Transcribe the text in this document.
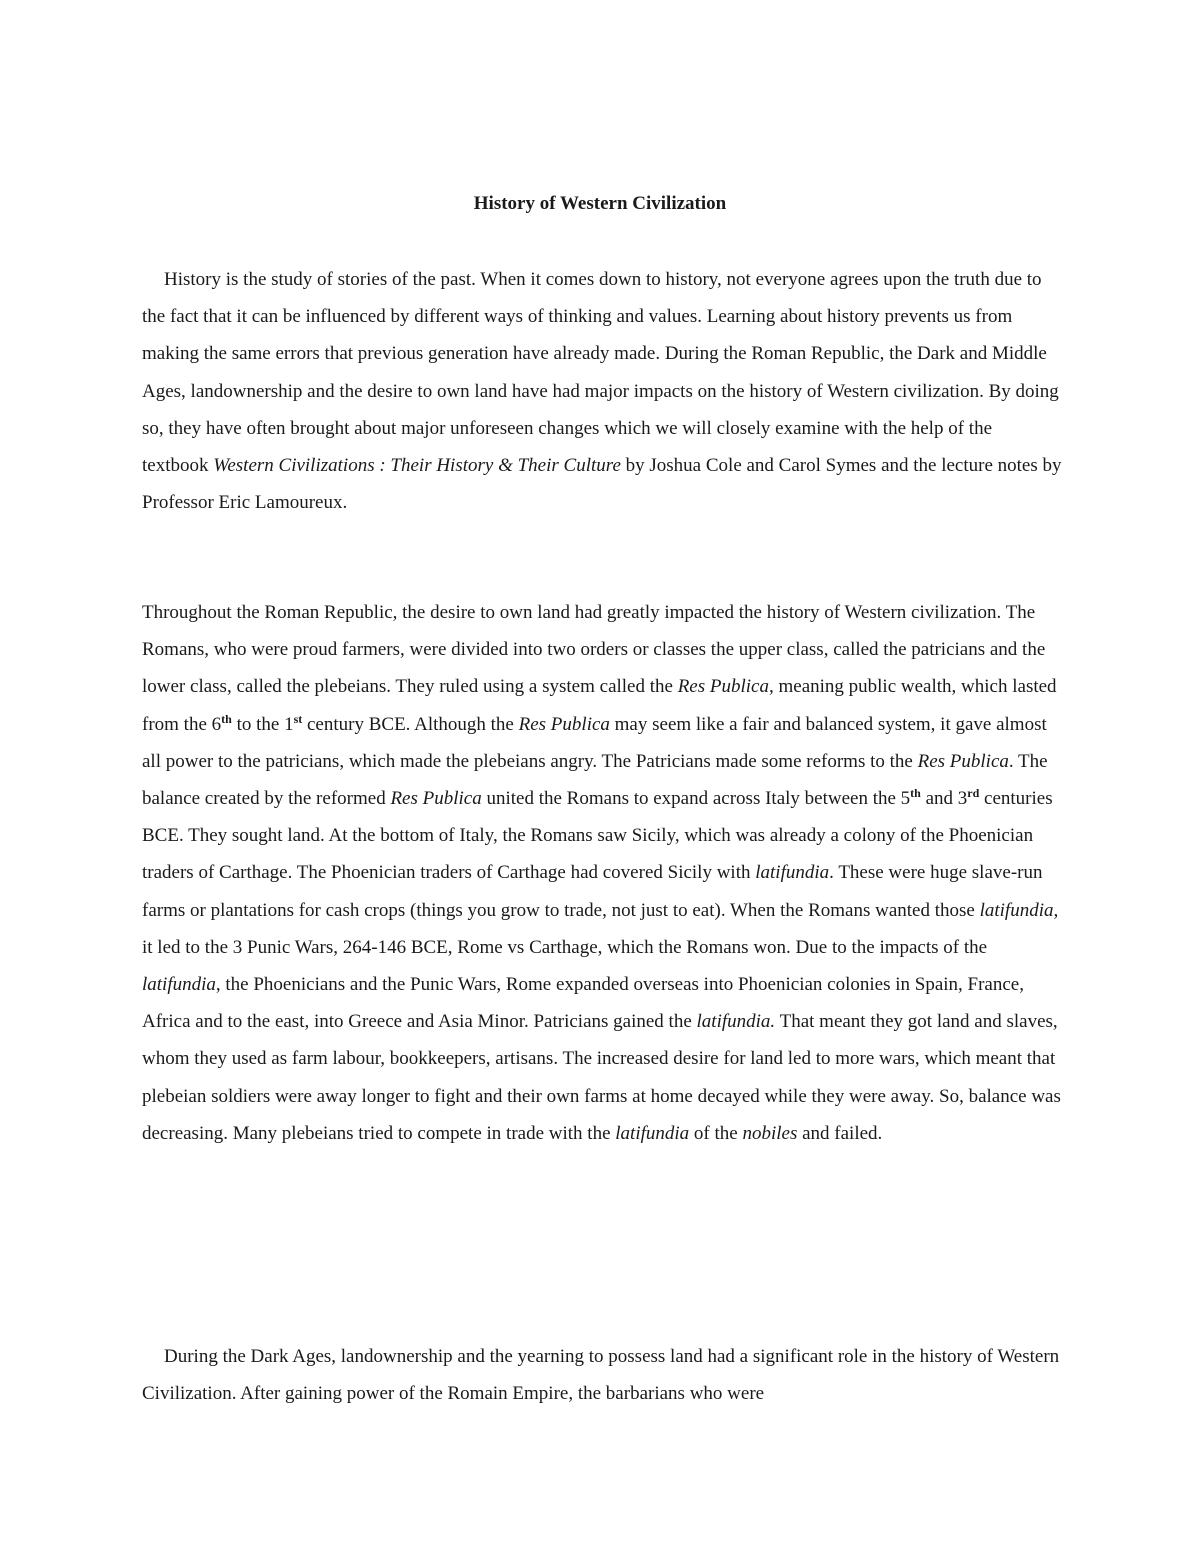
History of Western Civilization

History is the study of stories of the past. When it comes down to history, not everyone agrees upon the truth due to the fact that it can be influenced by different ways of thinking and values. Learning about history prevents us from making the same errors that previous generation have already made. During the Roman Republic, the Dark and Middle Ages, landownership and the desire to own land have had major impacts on the history of Western civilization. By doing so, they have often brought about major unforeseen changes which we will closely examine with the help of the textbook Western Civilizations : Their History & Their Culture by Joshua Cole and Carol Symes and the lecture notes by Professor Eric Lamoureux.

Throughout the Roman Republic, the desire to own land had greatly impacted the history of Western civilization. The Romans, who were proud farmers, were divided into two orders or classes the upper class, called the patricians and the lower class, called the plebeians. They ruled using a system called the Res Publica, meaning public wealth, which lasted from the 6th to the 1st century BCE. Although the Res Publica may seem like a fair and balanced system, it gave almost all power to the patricians, which made the plebeians angry. The Patricians made some reforms to the Res Publica. The balance created by the reformed Res Publica united the Romans to expand across Italy between the 5th and 3rd centuries BCE. They sought land. At the bottom of Italy, the Romans saw Sicily, which was already a colony of the Phoenician traders of Carthage. The Phoenician traders of Carthage had covered Sicily with latifundia. These were huge slave-run farms or plantations for cash crops (things you grow to trade, not just to eat). When the Romans wanted those latifundia, it led to the 3 Punic Wars, 264-146 BCE, Rome vs Carthage, which the Romans won. Due to the impacts of the latifundia, the Phoenicians and the Punic Wars, Rome expanded overseas into Phoenician colonies in Spain, France, Africa and to the east, into Greece and Asia Minor. Patricians gained the latifundia. That meant they got land and slaves, whom they used as farm labour, bookkeepers, artisans. The increased desire for land led to more wars, which meant that plebeian soldiers were away longer to fight and their own farms at home decayed while they were away. So, balance was decreasing. Many plebeians tried to compete in trade with the latifundia of the nobiles and failed.

During the Dark Ages, landownership and the yearning to possess land had a significant role in the history of Western Civilization. After gaining power of the Romain Empire, the barbarians who were
